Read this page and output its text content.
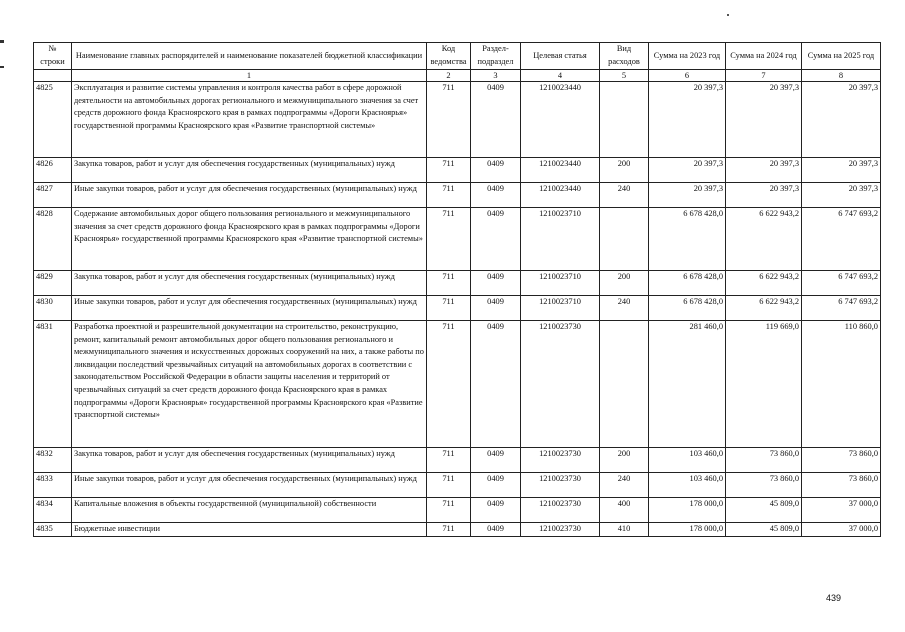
№ строки	Наименование главных распорядителей и наименование показателей бюджетной классификации	Код ведомства	Раздел-подраздел	Целевая статья	Вид расходов	Сумма на 2023 год	Сумма на 2024 год	Сумма на 2025 год
	1	2	3	4	5	6	7	8
4825	Эксплуатация и развитие системы управления и контроля качества работ в сфере дорожной деятельности на автомобильных дорогах регионального и межмуниципального значения за счет средств дорожного фонда Красноярского края в рамках подпрограммы «Дороги Красноярья» государственной программы Красноярского края «Развитие транспортной системы»	711	0409	1210023440		20 397,3	20 397,3	20 397,3
4826	Закупка товаров, работ и услуг для обеспечения государственных (муниципальных) нужд	711	0409	1210023440	200	20 397,3	20 397,3	20 397,3
4827	Иные закупки товаров, работ и услуг для обеспечения государственных (муниципальных) нужд	711	0409	1210023440	240	20 397,3	20 397,3	20 397,3
4828	Содержание автомобильных дорог общего пользования регионального и межмуниципального значения за счет средств дорожного фонда Красноярского края в рамках подпрограммы «Дороги Красноярья» государственной программы Красноярского края «Развитие транспортной системы»	711	0409	1210023710		6 678 428,0	6 622 943,2	6 747 693,2
4829	Закупка товаров, работ и услуг для обеспечения государственных (муниципальных) нужд	711	0409	1210023710	200	6 678 428,0	6 622 943,2	6 747 693,2
4830	Иные закупки товаров, работ и услуг для обеспечения государственных (муниципальных) нужд	711	0409	1210023710	240	6 678 428,0	6 622 943,2	6 747 693,2
4831	Разработка проектной и разрешительной документации на строительство, реконструкцию, ремонт, капитальный ремонт автомобильных дорог общего пользования регионального и межмуниципального значения и искусственных дорожных сооружений на них, а также работы по ликвидации последствий чрезвычайных ситуаций на автомобильных дорогах в соответствии с законодательством Российской Федерации в области защиты населения и территорий от чрезвычайных ситуаций за счет средств дорожного фонда Красноярского края в рамках подпрограммы «Дороги Красноярья» государственной программы Красноярского края «Развитие транспортной системы»	711	0409	1210023730		281 460,0	119 669,0	110 860,0
4832	Закупка товаров, работ и услуг для обеспечения государственных (муниципальных) нужд	711	0409	1210023730	200	103 460,0	73 860,0	73 860,0
4833	Иные закупки товаров, работ и услуг для обеспечения государственных (муниципальных) нужд	711	0409	1210023730	240	103 460,0	73 860,0	73 860,0
4834	Капитальные вложения в объекты государственной (муниципальной) собственности	711	0409	1210023730	400	178 000,0	45 809,0	37 000,0
4835	Бюджетные инвестиции	711	0409	1210023730	410	178 000,0	45 809,0	37 000,0
439
